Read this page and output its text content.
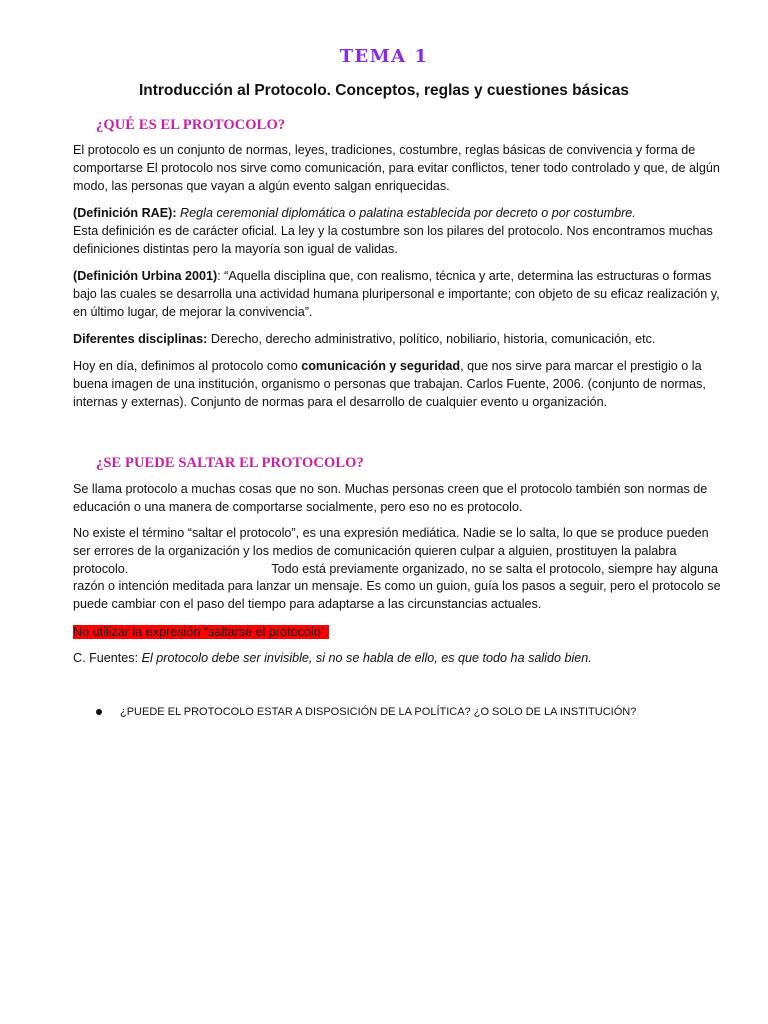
TEMA 1
Introducción al Protocolo. Conceptos, reglas y cuestiones básicas
¿QUÉ ES EL PROTOCOLO?

El protocolo es un conjunto de normas, leyes, tradiciones, costumbre, reglas básicas de convivencia y forma de comportarse El protocolo nos sirve como comunicación, para evitar conflictos, tener todo controlado y que, de algún modo, las personas que vayan a algún evento salgan enriquecidas.

(Definición RAE): Regla ceremonial diplomática o palatina establecida por decreto o por costumbre.

Esta definición es de carácter oficial. La ley y la costumbre son los pilares del protocolo. Nos encontramos muchas definiciones distintas pero la mayoría son igual de validas.

(Definición Urbina 2001): “Aquella disciplina que, con realismo, técnica y arte, determina las estructuras o formas bajo las cuales se desarrolla una actividad humana pluripersonal e importante; con objeto de su eficaz realización y, en último lugar, de mejorar la convivencia”.

Diferentes disciplinas: Derecho, derecho administrativo, político, nobiliario, historia, comunicación, etc.

Hoy en día, definimos al protocolo como comunicación y seguridad, que nos sirve para marcar el prestigio o la buena imagen de una institución, organismo o personas que trabajan. Carlos Fuente, 2006. (conjunto de normas, internas y externas). Conjunto de normas para el desarrollo de cualquier evento u organización.

¿SE PUEDE SALTAR EL PROTOCOLO?

Se llama protocolo a muchas cosas que no son. Muchas personas creen que el protocolo también son normas de educación o una manera de comportarse socialmente, pero eso no es protocolo.

No existe el término “saltar el protocolo”, es una expresión mediática. Nadie se lo salta, lo que se produce pueden ser errores de la organización y los medios de comunicación quieren culpar a alguien, prostituyen la palabra protocolo.	Todo está previamente organizado, no se salta el protocolo, siempre hay alguna razón o intención meditada para lanzar un mensaje. Es como un guion, guía los pasos a seguir, pero el protocolo se puede cambiar con el paso del tiempo para adaptarse a las circunstancias actuales.

No utilizar la expresión “saltarse el protocolo”.

C. Fuentes: El protocolo debe ser invisible, si no se habla de ello, es que todo ha salido bien.

¿PUEDE EL PROTOCOLO ESTAR A DISPOSICIÓN DE LA POLÍTICA? ¿O SOLO DE LA INSTITUCIÓN?
